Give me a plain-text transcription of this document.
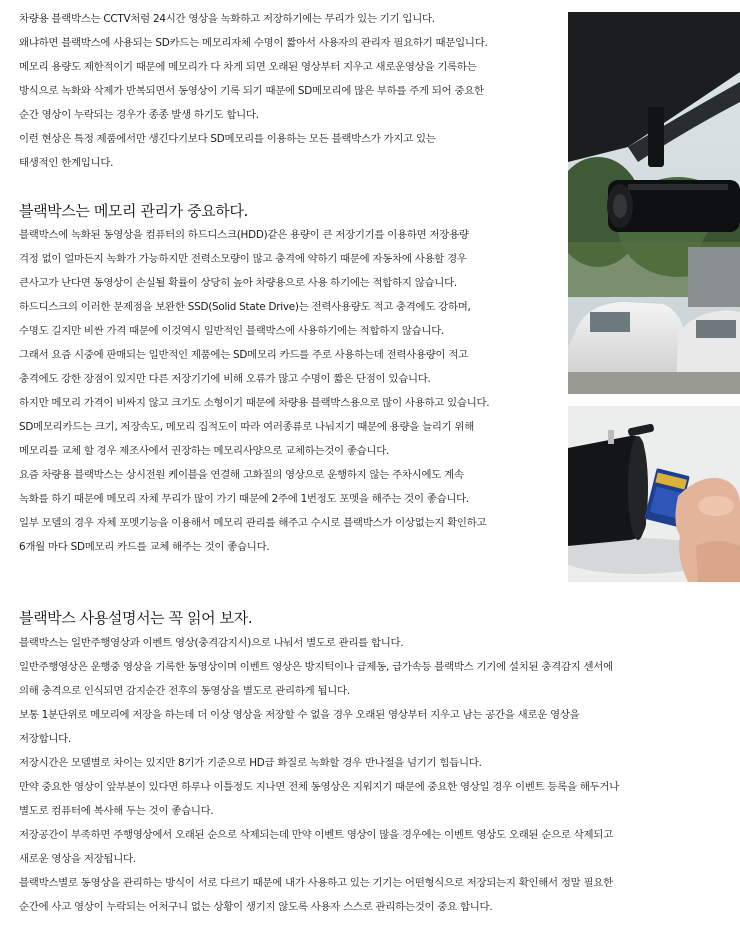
차량용 블랙박스는 CCTV처럼 24시간 영상을 녹화하고 저장하기에는 무리가 있는 기기 입니다.

왜냐하면 블랙박스에 사용되는 SD카드는 메모리자체 수명이 짧아서 사용자의 관리자 필요하기 때문입니다.

메모리 용량도 제한적이기 때문에 메모리가 다 차게 되면 오래된 영상부터 지우고 새로운영상을 기록하는

방식으로 녹화와 삭제가 반복되면서 동영상이 기록 되기 때문에 SD메모리에 많은 부하를 주게 되어 중요한

순간 영상이 누락되는 경우가 종종 발생 하기도 합니다.

이런 현상은 특정 제품에서만 생긴다기보다 SD메모리를 이용하는 모든 블랙박스가 가지고 있는

태생적인 한계입니다.

블랙박스는 메모리 관리가 중요하다.

블랙박스에 녹화된 동영상을 컴퓨터의 하드디스크(HDD)같은 용량이 큰 저장기기를 이용하면 저장용량

걱정 없이 얼마든지 녹화가 가능하지만 전력소모량이 많고 충격에 약하기 때문에 자동차에 사용할 경우

큰사고가 난다면 동영상이 손실될 확률이 상당히 높아 차량용으로 사용 하기에는 적합하지 않습니다.

하드디스크의 이러한 문제점을 보완한 SSD(Solid State Drive)는 전력사용량도 적고 충격에도 강하며,

수명도 길지만 비싼 가격 때문에 이것역시 일반적인 블랙박스에 사용하기에는 적합하지 않습니다.

그래서 요즘 시중에 판매되는 일반적인 제품에는 SD메모리 카드를 주로 사용하는데 전력사용량이 적고

충격에도 강한 장점이 있지만 다른 저장기기에 비해 오류가 많고 수명이 짧은 단점이 있습니다.

하지만 메모리 가격이 비싸지 않고 크기도 소형이기 때문에 차량용 블랙박스용으로 많이 사용하고 있습니다.

SD메모리카드는 크기, 저장속도, 메모리 집적도이 따라 여러종류로 나눠지기 때문에 용량을 늘리기 위해

메모리를 교체 할 경우 제조사에서 권장하는 메모리사양으로 교체하는것이 좋습니다.

요즘 차량용 블랙박스는 상시전원 케이블을 연결해 고화질의 영상으로 운행하지 않는 주차시에도 계속

녹화를 하기 때문에 메모리 자체 무리가 많이 가기 때문에 2주에 1번정도 포멧을 해주는 것이 좋습니다.

일부 모델의 경우 자체 포멧기능을 이용해서 메모리 관리를 해주고 수시로 블랙박스가 이상없는지 확인하고

6개월 마다 SD메모리 카드를 교체 해주는 것이 좋습니다.

블랙박스 사용설명서는 꼭 읽어 보자.

블랙박스는 일반주행영상과 이벤트 영상(충격감지시)으로 나눠서 별도로 관리를 합니다.

일반주행영상은 운행중 영상을 기록한 동영상이며 이벤트 영상은 방지턱이나 급제동, 급가속등 블랙박스 기기에 설치된 충격감지 센서에

의해 충격으로 인식되면 감지순간 전후의 동영상을 별도로 관리하게 됩니다.

보통 1분단위로 메모리에 저장을 하는데 더 이상 영상을 저장할 수 없을 경우 오래된 영상부터 지우고 남는 공간을 새로운 영상을

저장합니다.

저장시간은 모델별로 차이는 있지만 8기가 기준으로 HD급 화질로 녹화할 경우 반나절을 넘기기 힘듭니다.

만약 중요한 영상이 앞부분이 있다면 하루나 이틀정도 지나면 전체 동영상은 지워지기 때문에 중요한 영상일 경우 이벤트 등록을 해두거나

별도로 컴퓨터에 복사해 두는 것이 좋습니다.

저장공간이 부족하면 주행영상에서 오래된 순으로 삭제되는데 만약 이벤트 영상이 많을 경우에는 이벤트 영상도 오래된 순으로 삭제되고

새로운 영상을 저장됩니다.

블랙박스별로 동영상을 관리하는 방식이 서로 다르기 때문에 내가 사용하고 있는 기기는 어떤형식으로 저장되는지 확인해서 정말 필요한

순간에 사고 영상이 누락되는 어처구니 없는 상황이 생기지 않도록 사용자 스스로 관리하는것이 중요 합니다.
